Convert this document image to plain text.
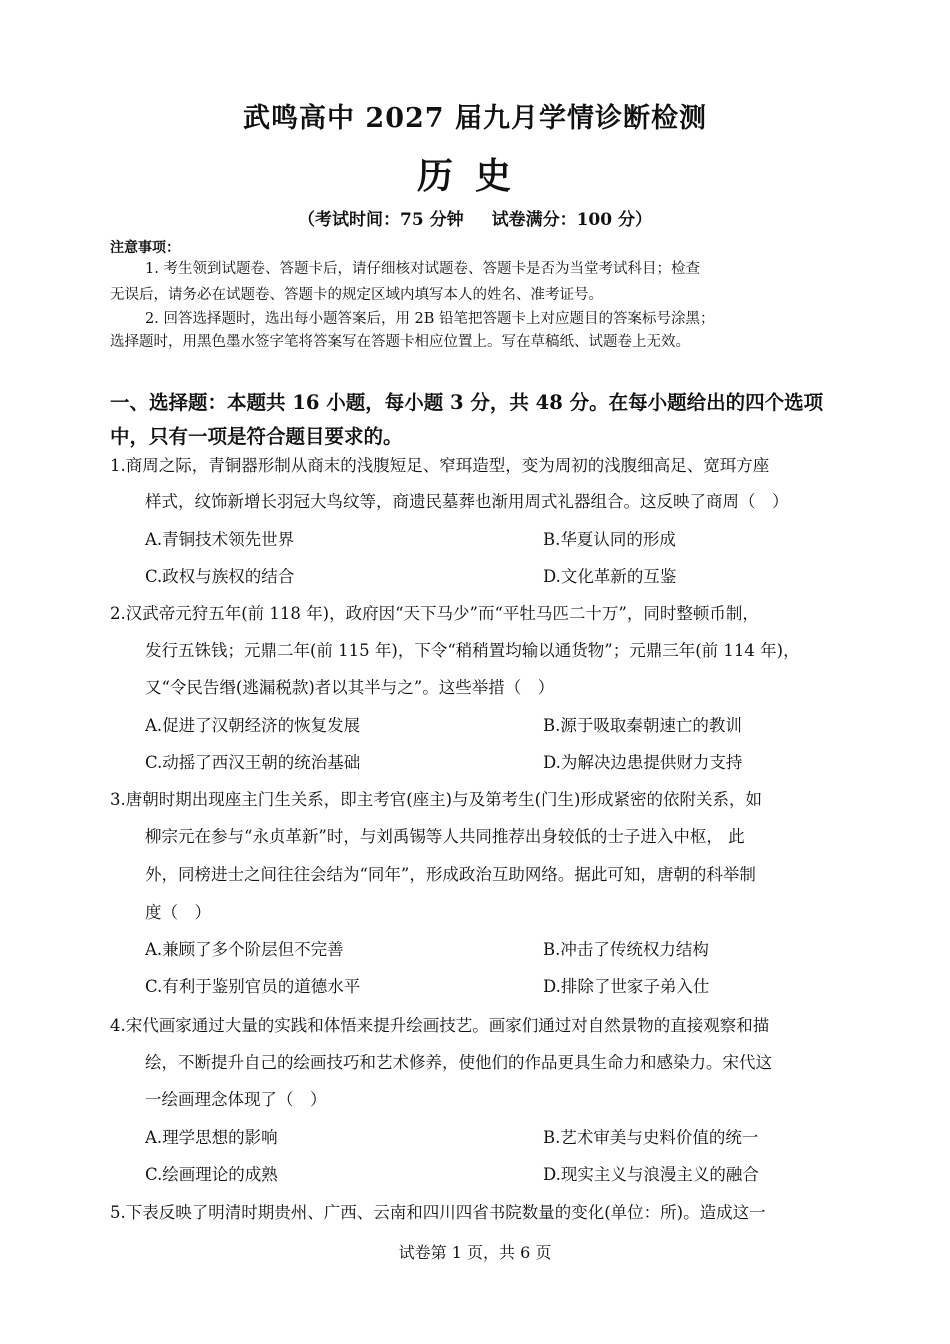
武鸣高中 2027 届九月学情诊断检测
历史
（考试时间：75 分钟 试卷满分：100 分）
注意事项：
1. 考生领到试题卷、答题卡后，请仔细核对试题卷、答题卡是否为当堂考试科目；检查
无误后，请务必在试题卷、答题卡的规定区域内填写本人的姓名、准考证号。
2. 回答选择题时，选出每小题答案后，用 2B 铅笔把答题卡上对应题目的答案标号涂黑；
选择题时，用黑色墨水签字笔将答案写在答题卡相应位置上。写在草稿纸、试题卷上无效。
一、选择题：本题共 16 小题，每小题 3 分，共 48 分。在每小题给出的四个选项
中，只有一项是符合题目要求的。
1.商周之际，青铜器形制从商末的浅腹短足、窄珥造型，变为周初的浅腹细高足、宽珥方座
样式，纹饰新增长羽冠大鸟纹等，商遗民墓葬也渐用周式礼器组合。这反映了商周（　）
A.青铜技术领先世界	B.华夏认同的形成
C.政权与族权的结合	D.文化革新的互鉴
2.汉武帝元狩五年(前 118 年)，政府因“天下马少”而“平牡马匹二十万”，同时整顿币制，
发行五铢钱；元鼎二年(前 115 年)，下令“稍稍置均输以通货物”；元鼎三年(前 114 年)，
又“令民告缗(逃漏税款)者以其半与之”。这些举措（　）
A.促进了汉朝经济的恢复发展	B.源于吸取秦朝速亡的教训
C.动摇了西汉王朝的统治基础	D.为解决边患提供财力支持
3.唐朝时期出现座主门生关系，即主考官(座主)与及第考生(门生)形成紧密的依附关系，如
柳宗元在参与“永贞革新”时，与刘禹锡等人共同推荐出身较低的士子进入中枢， 此
外，同榜进士之间往往会结为“同年”，形成政治互助网络。据此可知，唐朝的科举制
度（　）
A.兼顾了多个阶层但不完善	B.冲击了传统权力结构
C.有利于鉴别官员的道德水平	D.排除了世家子弟入仕
4.宋代画家通过大量的实践和体悟来提升绘画技艺。画家们通过对自然景物的直接观察和描
绘，不断提升自己的绘画技巧和艺术修养，使他们的作品更具生命力和感染力。宋代这
一绘画理念体现了（　）
A.理学思想的影响	B.艺术审美与史料价值的统一
C.绘画理论的成熟	D.现实主义与浪漫主义的融合
5.下表反映了明清时期贵州、广西、云南和四川四省书院数量的变化(单位：所)。造成这一
试卷第 1 页，共 6 页
